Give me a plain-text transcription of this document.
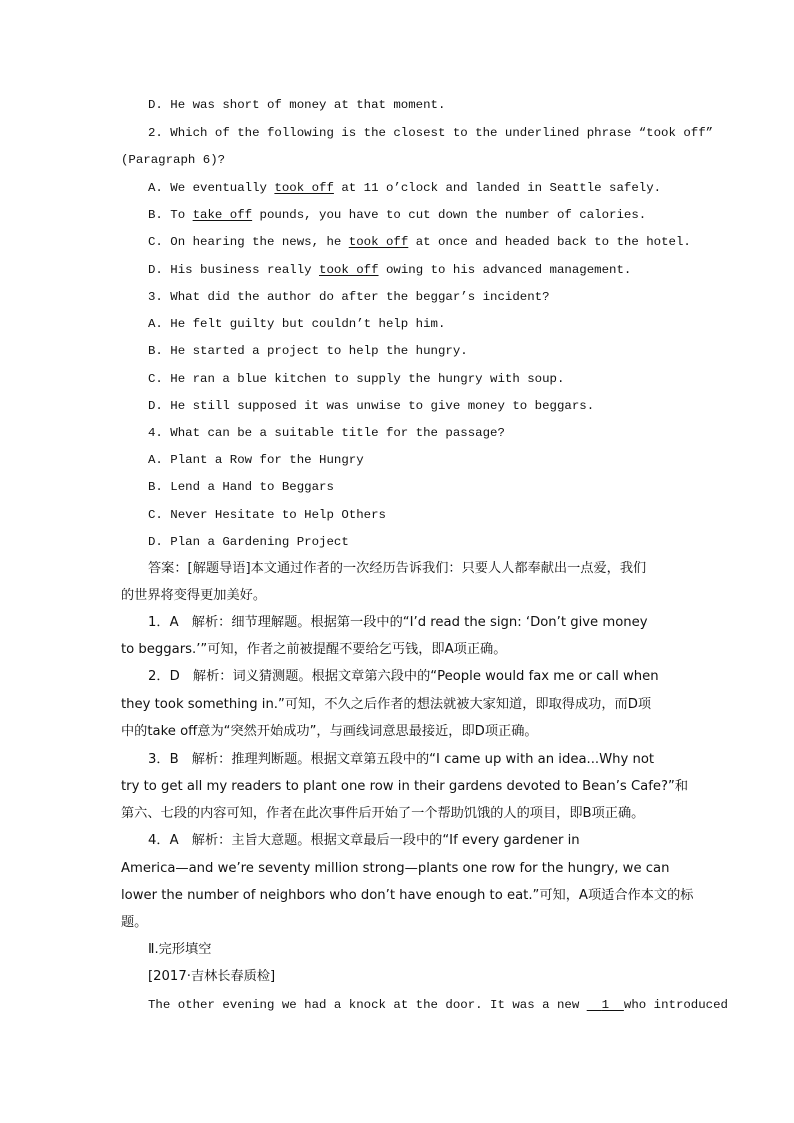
D. He was short of money at that moment.
2. Which of the following is the closest to the underlined phrase “took off”
(Paragraph 6)?
A. We eventually took off at 11 o’clock and landed in Seattle safely.
B. To take off pounds, you have to cut down the number of calories.
C. On hearing the news, he took off at once and headed back to the hotel.
D. His business really took off owing to his advanced management.
3. What did the author do after the beggar’s incident?
A. He felt guilty but couldn’t help him.
B. He started a project to help the hungry.
C. He ran a blue kitchen to supply the hungry with soup.
D. He still supposed it was unwise to give money to beggars.
4. What can be a suitable title for the passage?
A. Plant a Row for the Hungry
B. Lend a Hand to Beggars
C. Never Hesitate to Help Others
D. Plan a Gardening Project
答案：[解题导语]本文通过作者的一次经历告诉我们：只要人人都奉献出一点爱，我们
的世界将变得更加美好。
1．A　解析：细节理解题。根据第一段中的“I’d read the sign: ‘Don’t give money
to beggars.’”可知，作者之前被提醒不要给乞丐钱，即A项正确。
2．D　解析：词义猜测题。根据文章第六段中的“People would fax me or call when
they took something in.”可知，不久之后作者的想法就被大家知道，即取得成功，而D项
中的take off意为“突然开始成功”，与画线词意思最接近，即D项正确。
3．B　解析：推理判断题。根据文章第五段中的“I came up with an idea...Why not
try to get all my readers to plant one row in their gardens devoted to Bean’s Cafe?”和
第六、七段的内容可知，作者在此次事件后开始了一个帮助饥饿的人的项目，即B项正确。
4．A　解析：主旨大意题。根据文章最后一段中的“If every gardener in
America—and we’re seventy million strong—plants one row for the hungry, we can
lower the number of neighbors who don’t have enough to eat.”可知，A项适合作本文的标
题。
Ⅱ.完形填空
[2017·吉林长春质检]
The other evening we had a knock at the door. It was a new   1 who introduced
